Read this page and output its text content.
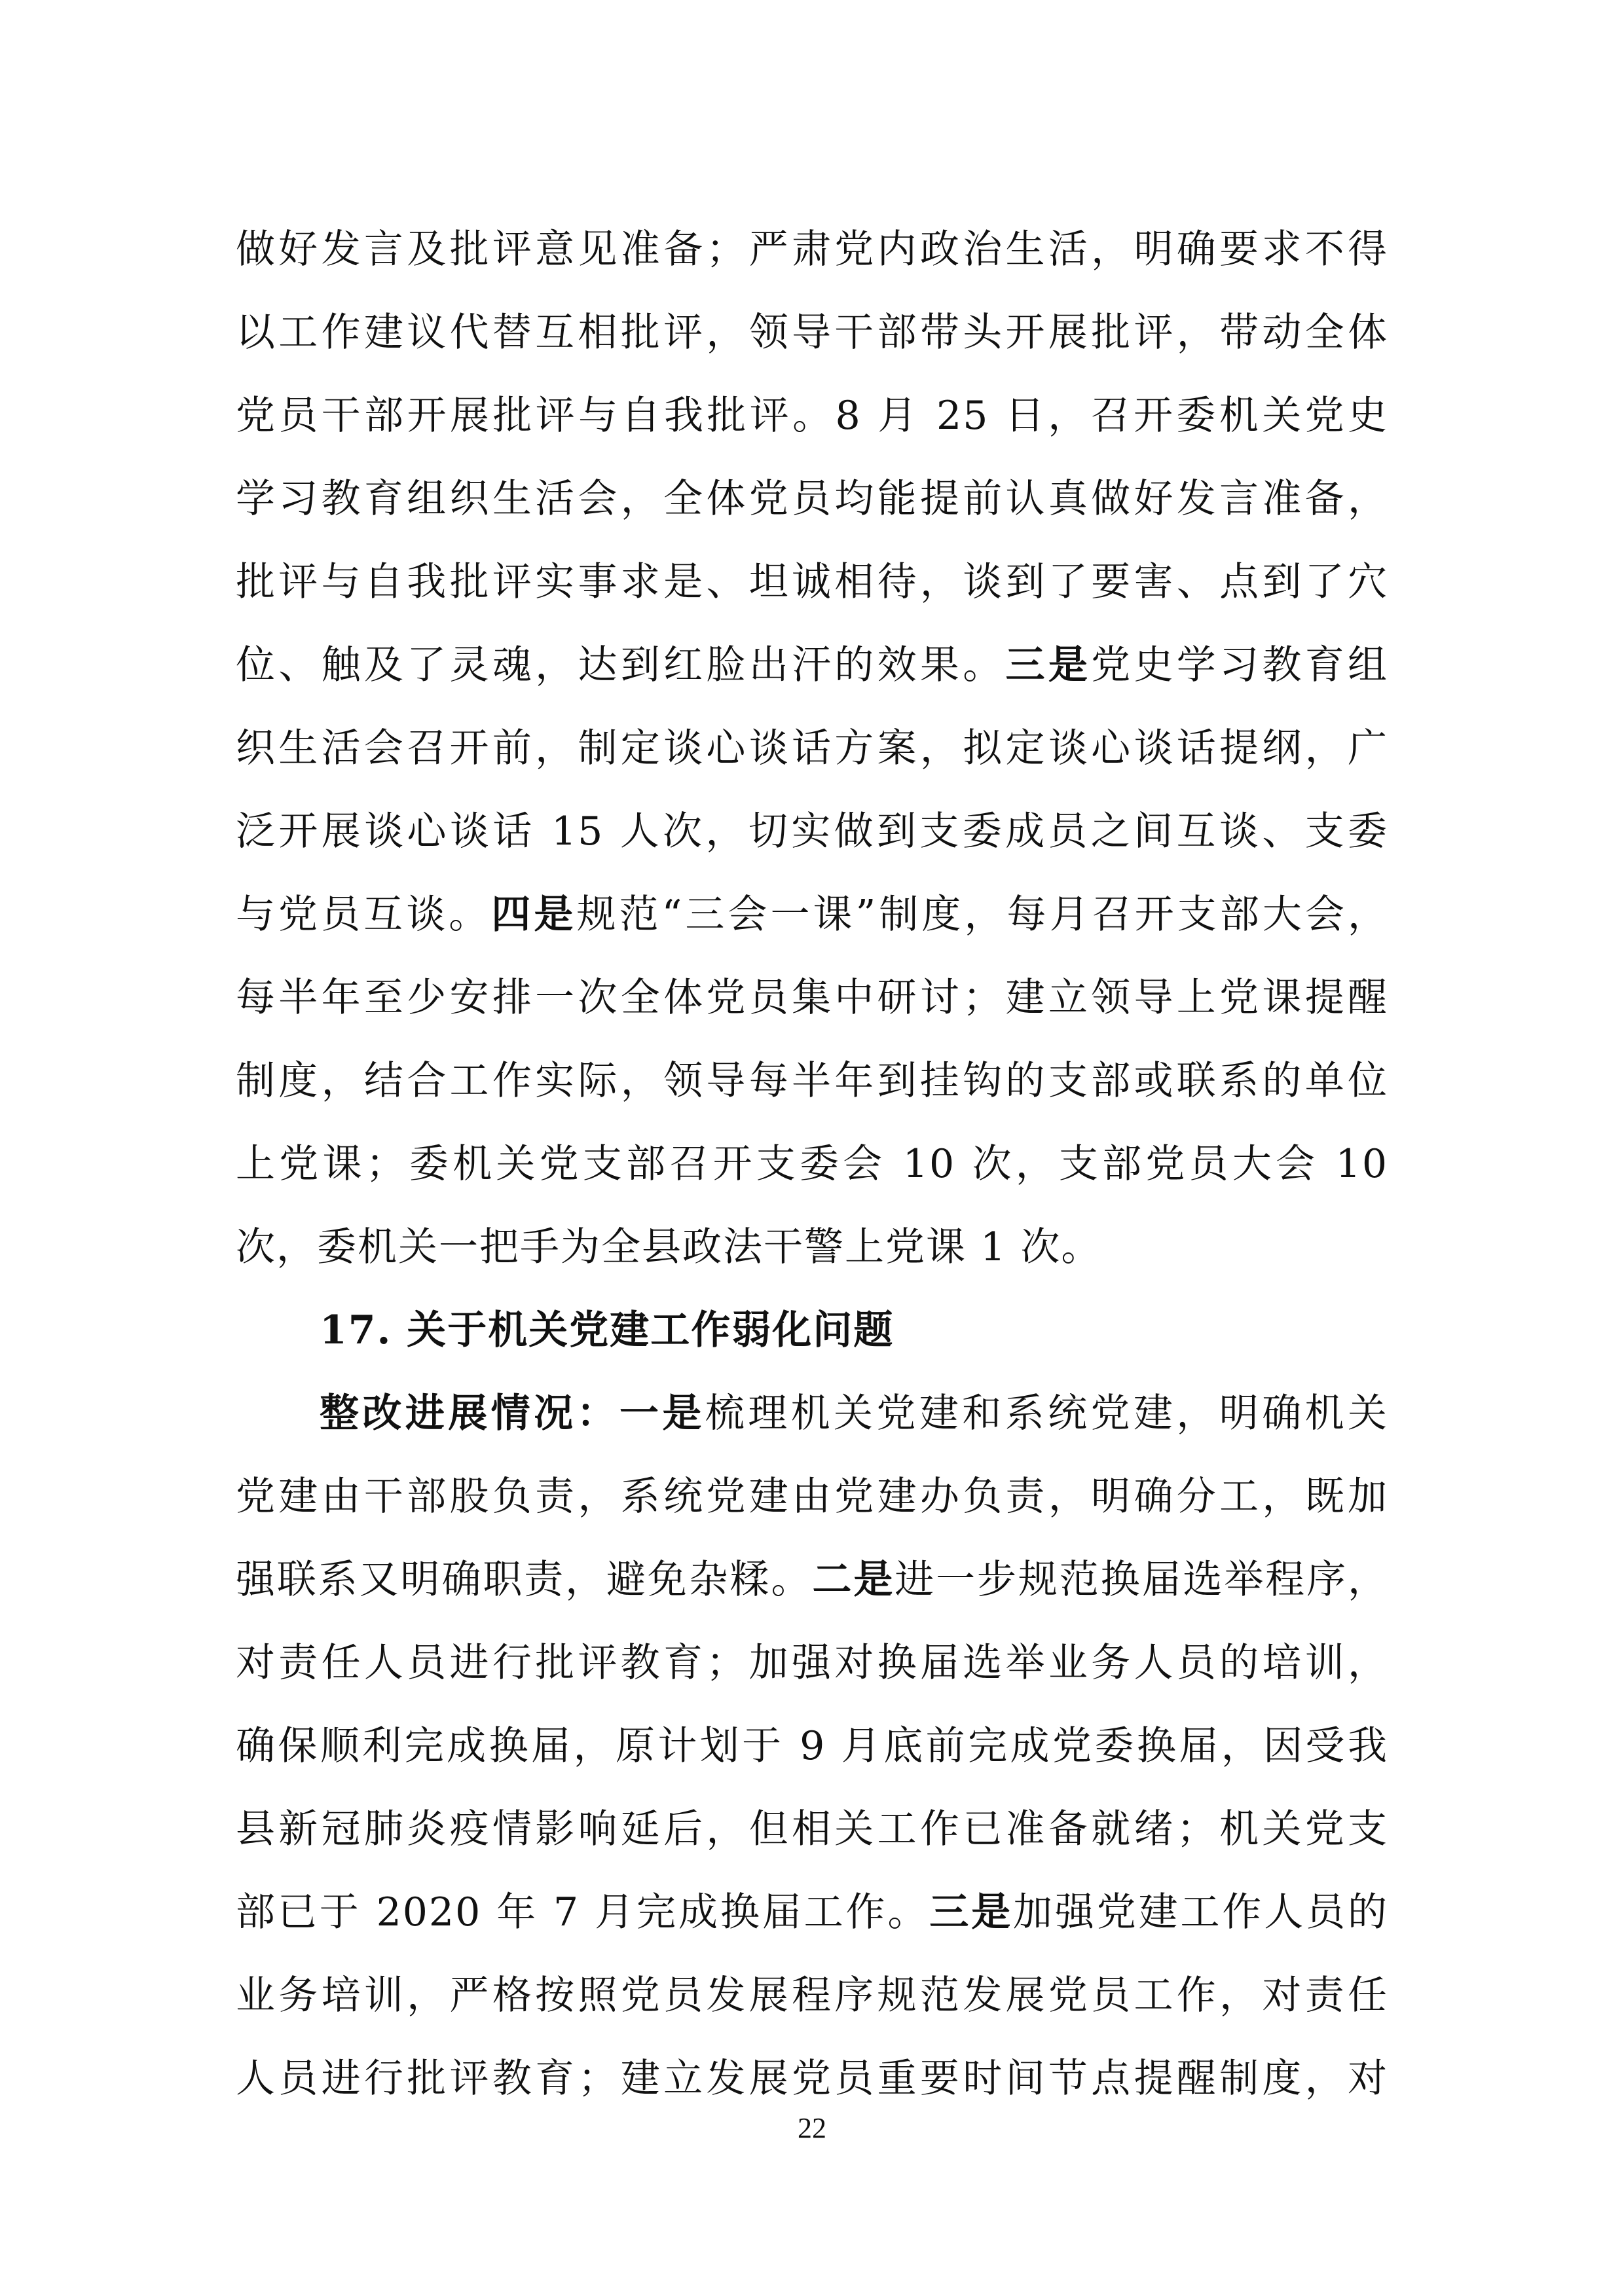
做好发言及批评意见准备；严肃党内政治生活，明确要求不得
以工作建议代替互相批评，领导干部带头开展批评，带动全体
党员干部开展批评与自我批评。8 月 25 日，召开委机关党史
学习教育组织生活会，全体党员均能提前认真做好发言准备，
批评与自我批评实事求是、坦诚相待，谈到了要害、点到了穴
位、触及了灵魂，达到红脸出汗的效果。三是党史学习教育组
织生活会召开前，制定谈心谈话方案，拟定谈心谈话提纲，广
泛开展谈心谈话 15 人次，切实做到支委成员之间互谈、支委
与党员互谈。四是规范“三会一课”制度，每月召开支部大会，
每半年至少安排一次全体党员集中研讨；建立领导上党课提醒
制度，结合工作实际，领导每半年到挂钩的支部或联系的单位
上党课；委机关党支部召开支委会 10 次，支部党员大会 10
次，委机关一把手为全县政法干警上党课 1 次。
17. 关于机关党建工作弱化问题
整改进展情况：一是梳理机关党建和系统党建，明确机关
党建由干部股负责，系统党建由党建办负责，明确分工，既加
强联系又明确职责，避免杂糅。二是进一步规范换届选举程序，
对责任人员进行批评教育；加强对换届选举业务人员的培训，
确保顺利完成换届，原计划于 9 月底前完成党委换届，因受我
县新冠肺炎疫情影响延后，但相关工作已准备就绪；机关党支
部已于 2020 年 7 月完成换届工作。三是加强党建工作人员的
业务培训，严格按照党员发展程序规范发展党员工作，对责任
人员进行批评教育；建立发展党员重要时间节点提醒制度，对
22
